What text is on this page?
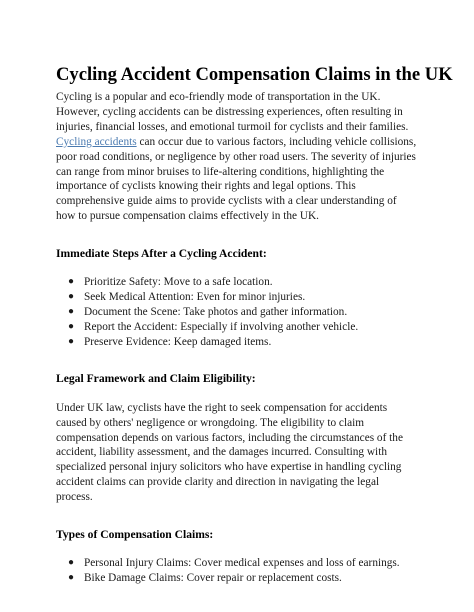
Cycling Accident Compensation Claims in the UK

Cycling is a popular and eco-friendly mode of transportation in the UK. However, cycling accidents can be distressing experiences, often resulting in injuries, financial losses, and emotional turmoil for cyclists and their families. Cycling accidents can occur due to various factors, including vehicle collisions, poor road conditions, or negligence by other road users. The severity of injuries can range from minor bruises to life-altering conditions, highlighting the importance of cyclists knowing their rights and legal options. This comprehensive guide aims to provide cyclists with a clear understanding of how to pursue compensation claims effectively in the UK.

Immediate Steps After a Cycling Accident:
● Prioritize Safety: Move to a safe location.
● Seek Medical Attention: Even for minor injuries.
● Document the Scene: Take photos and gather information.
● Report the Accident: Especially if involving another vehicle.
● Preserve Evidence: Keep damaged items.
Legal Framework and Claim Eligibility:

Under UK law, cyclists have the right to seek compensation for accidents caused by others' negligence or wrongdoing. The eligibility to claim compensation depends on various factors, including the circumstances of the accident, liability assessment, and the damages incurred. Consulting with specialized personal injury solicitors who have expertise in handling cycling accident claims can provide clarity and direction in navigating the legal process.

Types of Compensation Claims:
● Personal Injury Claims: Cover medical expenses and loss of earnings.
● Bike Damage Claims: Cover repair or replacement costs.
